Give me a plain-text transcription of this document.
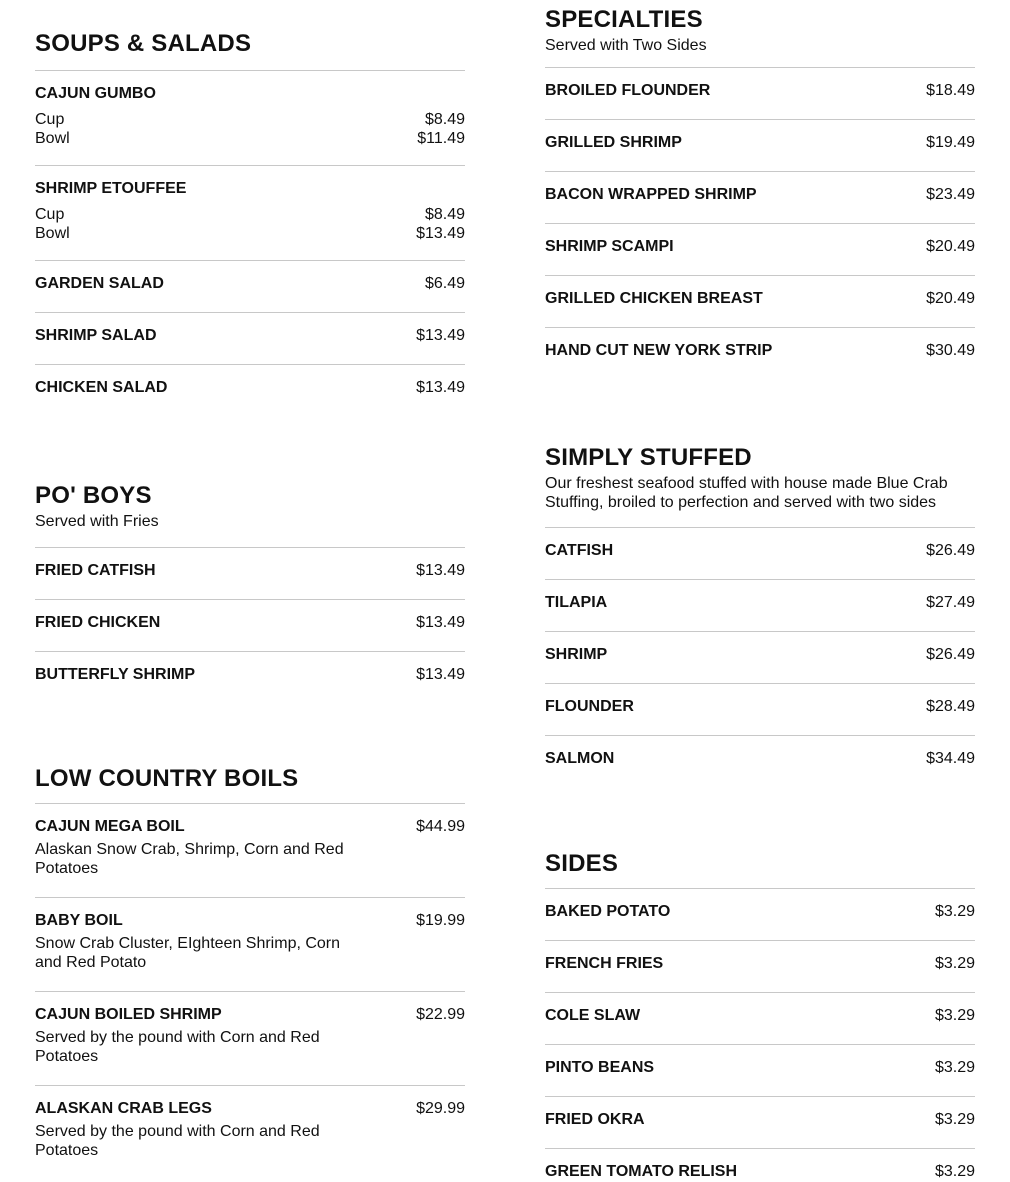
SOUPS & SALADS
CAJUN GUMBO
Cup	$8.49
Bowl	$11.49
SHRIMP ETOUFFEE
Cup	$8.49
Bowl	$13.49
GARDEN SALAD	$6.49
SHRIMP SALAD	$13.49
CHICKEN SALAD	$13.49
PO' BOYS
Served with Fries
FRIED CATFISH	$13.49
FRIED CHICKEN	$13.49
BUTTERFLY SHRIMP	$13.49
LOW COUNTRY BOILS
CAJUN MEGA BOIL	$44.99
Alaskan Snow Crab, Shrimp, Corn and Red Potatoes
BABY BOIL	$19.99
Snow Crab Cluster, EIghteen Shrimp, Corn and Red Potato
CAJUN BOILED SHRIMP	$22.99
Served by the pound with Corn and Red Potatoes
ALASKAN CRAB LEGS	$29.99
Served by the pound with Corn and Red Potatoes
SPECIALTIES
Served with Two Sides
BROILED FLOUNDER	$18.49
GRILLED SHRIMP	$19.49
BACON WRAPPED SHRIMP	$23.49
SHRIMP SCAMPI	$20.49
GRILLED CHICKEN BREAST	$20.49
HAND CUT NEW YORK STRIP	$30.49
SIMPLY STUFFED
Our freshest seafood stuffed with house made Blue Crab Stuffing, broiled to perfection and served with two sides
CATFISH	$26.49
TILAPIA	$27.49
SHRIMP	$26.49
FLOUNDER	$28.49
SALMON	$34.49
SIDES
BAKED POTATO	$3.29
FRENCH FRIES	$3.29
COLE SLAW	$3.29
PINTO BEANS	$3.29
FRIED OKRA	$3.29
GREEN TOMATO RELISH	$3.29
